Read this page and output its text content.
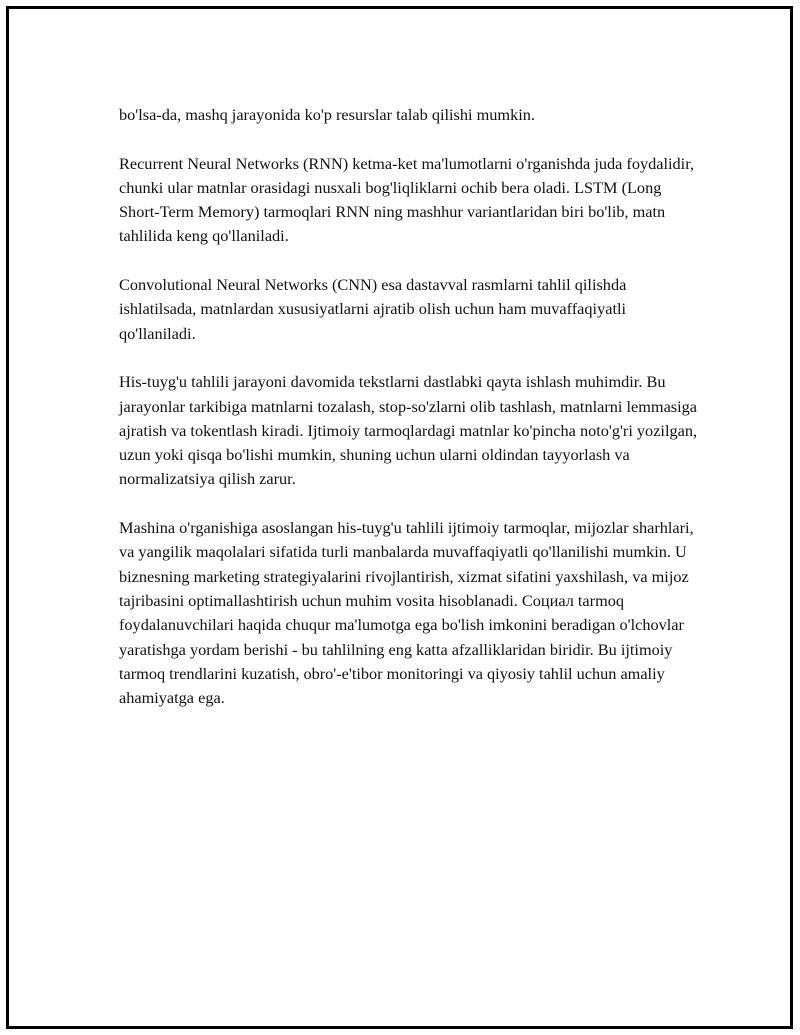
bo'lsa-da, mashq jarayonida ko'p resurslar talab qilishi mumkin.

Recurrent Neural Networks (RNN) ketma-ket ma'lumotlarni o'rganishda juda foydalidir, chunki ular matnlar orasidagi nusxali bog'liqliklarni ochib bera oladi. LSTM (Long Short-Term Memory) tarmoqlari RNN ning mashhur variantlaridan biri bo'lib, matn tahlilida keng qo'llaniladi.

Convolutional Neural Networks (CNN) esa dastavval rasmlarni tahlil qilishda ishlatilsada, matnlardan xususiyatlarni ajratib olish uchun ham muvaffaqiyatli qo'llaniladi.

His-tuyg'u tahlili jarayoni davomida tekstlarni dastlabki qayta ishlash muhimdir. Bu jarayonlar tarkibiga matnlarni tozalash, stop-so'zlarni olib tashlash, matnlarni lemmasiga ajratish va tokentlash kiradi. Ijtimoiy tarmoqlardagi matnlar ko'pincha noto'g'ri yozilgan, uzun yoki qisqa bo'lishi mumkin, shuning uchun ularni oldindan tayyorlash va normalizatsiya qilish zarur.

Mashina o'rganishiga asoslangan his-tuyg'u tahlili ijtimoiy tarmoqlar, mijozlar sharhlari, va yangilik maqolalari sifatida turli manbalarda muvaffaqiyatli qo'llanilishi mumkin. U biznesning marketing strategiyalarini rivojlantirish, xizmat sifatini yaxshilash, va mijoz tajribasini optimallashtirish uchun muhim vosita hisoblanadi. Социал tarmoq foydalanuvchilari haqida chuqur ma'lumotga ega bo'lish imkonini beradigan o'lchovlar yaratishga yordam berishi - bu tahlilning eng katta afzalliklaridan biridir. Bu ijtimoiy tarmoq trendlarini kuzatish, obro'-e'tibor monitoringi va qiyosiy tahlil uchun amaliy ahamiyatga ega.
